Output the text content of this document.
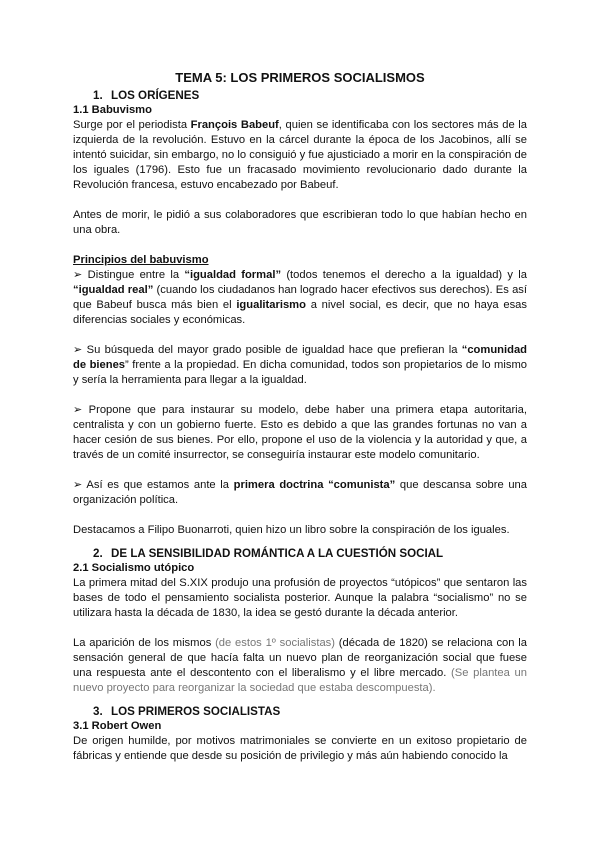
TEMA 5: LOS PRIMEROS SOCIALISMOS
1. LOS ORÍGENES
1.1 Babuvismo

Surge por el periodista François Babeuf, quien se identificaba con los sectores más de la izquierda de la revolución. Estuvo en la cárcel durante la época de los Jacobinos, allí se intentó suicidar, sin embargo, no lo consiguió y fue ajusticiado a morir en la conspiración de los iguales (1796). Esto fue un fracasado movimiento revolucionario dado durante la Revolución francesa, estuvo encabezado por Babeuf.

Antes de morir, le pidió a sus colaboradores que escribieran todo lo que habían hecho en una obra.

Principios del babuvismo

➢ Distingue entre la “igualdad formal” (todos tenemos el derecho a la igualdad) y la “igualdad real” (cuando los ciudadanos han logrado hacer efectivos sus derechos). Es así que Babeuf busca más bien el igualitarismo a nivel social, es decir, que no haya esas diferencias sociales y económicas.

➢ Su búsqueda del mayor grado posible de igualdad hace que prefieran la “comunidad de bienes” frente a la propiedad. En dicha comunidad, todos son propietarios de lo mismo y sería la herramienta para llegar a la igualdad.

➢ Propone que para instaurar su modelo, debe haber una primera etapa autoritaria, centralista y con un gobierno fuerte. Esto es debido a que las grandes fortunas no van a hacer cesión de sus bienes. Por ello, propone el uso de la violencia y la autoridad y que, a través de un comité insurrector, se conseguiría instaurar este modelo comunitario.

➢ Así es que estamos ante la primera doctrina “comunista” que descansa sobre una organización política.

Destacamos a Filipo Buonarroti, quien hizo un libro sobre la conspiración de los iguales.

2. DE LA SENSIBILIDAD ROMÁNTICA A LA CUESTIÓN SOCIAL
2.1 Socialismo utópico

La primera mitad del S.XIX produjo una profusión de proyectos “utópicos” que sentaron las bases de todo el pensamiento socialista posterior. Aunque la palabra “socialismo” no se utilizara hasta la década de 1830, la idea se gestó durante la década anterior.

La aparición de los mismos (de estos 1º socialistas) (década de 1820) se relaciona con la sensación general de que hacía falta un nuevo plan de reorganización social que fuese una respuesta ante el descontento con el liberalismo y el libre mercado. (Se plantea un nuevo proyecto para reorganizar la sociedad que estaba descompuesta).

3. LOS PRIMEROS SOCIALISTAS
3.1 Robert Owen

De origen humilde, por motivos matrimoniales se convierte en un exitoso propietario de fábricas y entiende que desde su posición de privilegio y más aún habiendo conocido la
